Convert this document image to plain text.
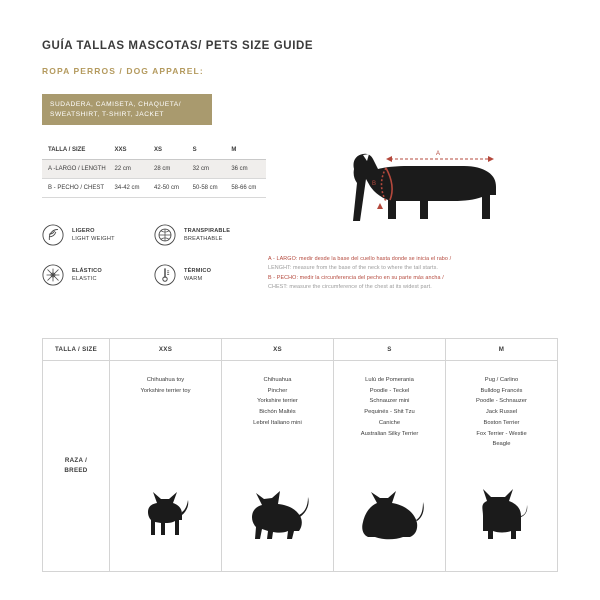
GUÍA TALLAS MASCOTAS/ PETS SIZE GUIDE
ROPA PERROS / DOG APPAREL:
SUDADERA, CAMISETA, CHAQUETA/
SWEATSHIRT, T-SHIRT, JACKET
TALLA / SIZE	XXS	XS	S	M
A -LARGO / LENGTH	22 cm	28 cm	32 cm	36 cm
B - PECHO / CHEST	34-42 cm	42-50 cm	50-58 cm	58-66 cm
LIGERO
LIGHT WEIGHT
TRANSPIRABLE
BREATHABLE
ELÁSTICO
ELASTIC
TÉRMICO
WARM
A
B
A - LARGO: medir desde la base del cuello hasta donde se inicia el rabo /
LENGHT: measure from the base of the neck to where the tail starts.
B - PECHO: medir la circunferencia del pecho en su parte más ancha /
CHEST: measure the circumference of the chest at its widest part.
TALLA / SIZE	XXS	XS	S	M

RAZA /
BREED

Chihuahua toy
Yorkshire terrier toy

Chihuahua
Pincher
Yorkshire terrier
Bichón Maltés
Lebrel Italiano mini

Lulú de Pomerania
Poodle - Teckel
Schnauzer mini
Pequinés - Shit Tzu
Caniche
Australian Silky Terrier

Pug / Carlino
Bulldog Francés
Poodle - Schnauzer
Jack Russel
Boston Terrier
Fox Terrier - Westie
Beagle
